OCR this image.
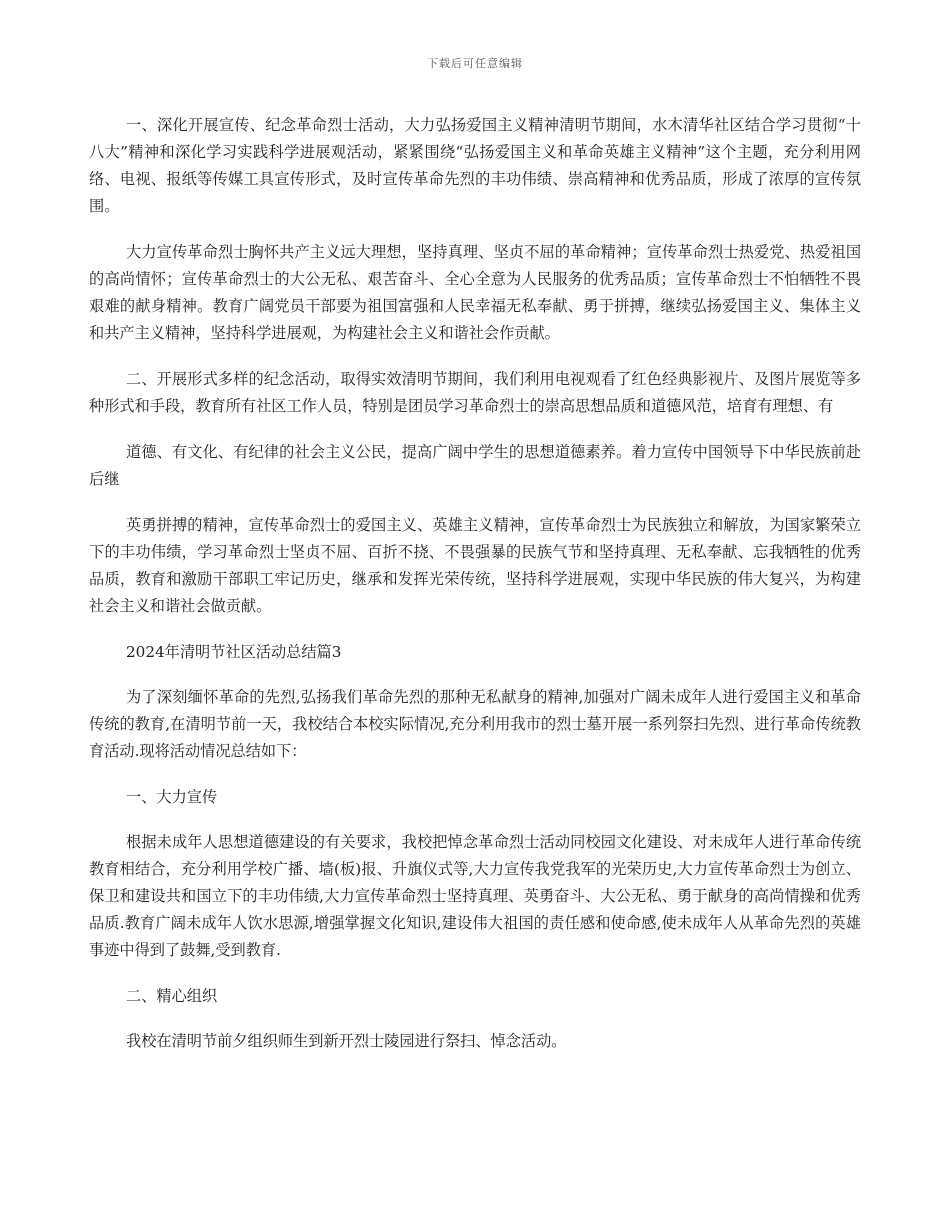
下载后可任意编辑

一、深化开展宣传、纪念革命烈士活动，大力弘扬爱国主义精神清明节期间，水木清华社区结合学习贯彻“十八大”精神和深化学习实践科学进展观活动，紧紧围绕“弘扬爱国主义和革命英雄主义精神”这个主题，充分利用网络、电视、报纸等传媒工具宣传形式，及时宣传革命先烈的丰功伟绩、崇高精神和优秀品质，形成了浓厚的宣传氛围。

大力宣传革命烈士胸怀共产主义远大理想，坚持真理、坚贞不屈的革命精神；宣传革命烈士热爱党、热爱祖国的高尚情怀；宣传革命烈士的大公无私、艰苦奋斗、全心全意为人民服务的优秀品质；宣传革命烈士不怕牺牲不畏艰难的献身精神。教育广阔党员干部要为祖国富强和人民幸福无私奉献、勇于拼搏，继续弘扬爱国主义、集体主义和共产主义精神，坚持科学进展观，为构建社会主义和谐社会作贡献。

二、开展形式多样的纪念活动，取得实效清明节期间，我们利用电视观看了红色经典影视片、及图片展览等多种形式和手段，教育所有社区工作人员，特别是团员学习革命烈士的崇高思想品质和道德风范，培育有理想、有

道德、有文化、有纪律的社会主义公民，提高广阔中学生的思想道德素养。着力宣传中国领导下中华民族前赴后继

英勇拼搏的精神，宣传革命烈士的爱国主义、英雄主义精神，宣传革命烈士为民族独立和解放，为国家繁荣立下的丰功伟绩，学习革命烈士坚贞不屈、百折不挠、不畏强暴的民族气节和坚持真理、无私奉献、忘我牺牲的优秀品质，教育和激励干部职工牢记历史，继承和发挥光荣传统，坚持科学进展观，实现中华民族的伟大复兴，为构建社会主义和谐社会做贡献。

2024年清明节社区活动总结篇3

为了深刻缅怀革命的先烈,弘扬我们革命先烈的那种无私献身的精神,加强对广阔未成年人进行爱国主义和革命传统的教育,在清明节前一天，我校结合本校实际情况,充分利用我市的烈士墓开展一系列祭扫先烈、进行革命传统教育活动.现将活动情况总结如下：

一、大力宣传

根据未成年人思想道德建设的有关要求，我校把悼念革命烈士活动同校园文化建设、对未成年人进行革命传统教育相结合，充分利用学校广播、墙(板)报、升旗仪式等,大力宣传我党我军的光荣历史,大力宣传革命烈士为创立、保卫和建设共和国立下的丰功伟绩,大力宣传革命烈士坚持真理、英勇奋斗、大公无私、勇于献身的高尚情操和优秀品质.教育广阔未成年人饮水思源,增强掌握文化知识,建设伟大祖国的责任感和使命感,使未成年人从革命先烈的英雄事迹中得到了鼓舞,受到教育.

二、精心组织

我校在清明节前夕组织师生到新开烈士陵园进行祭扫、悼念活动。
